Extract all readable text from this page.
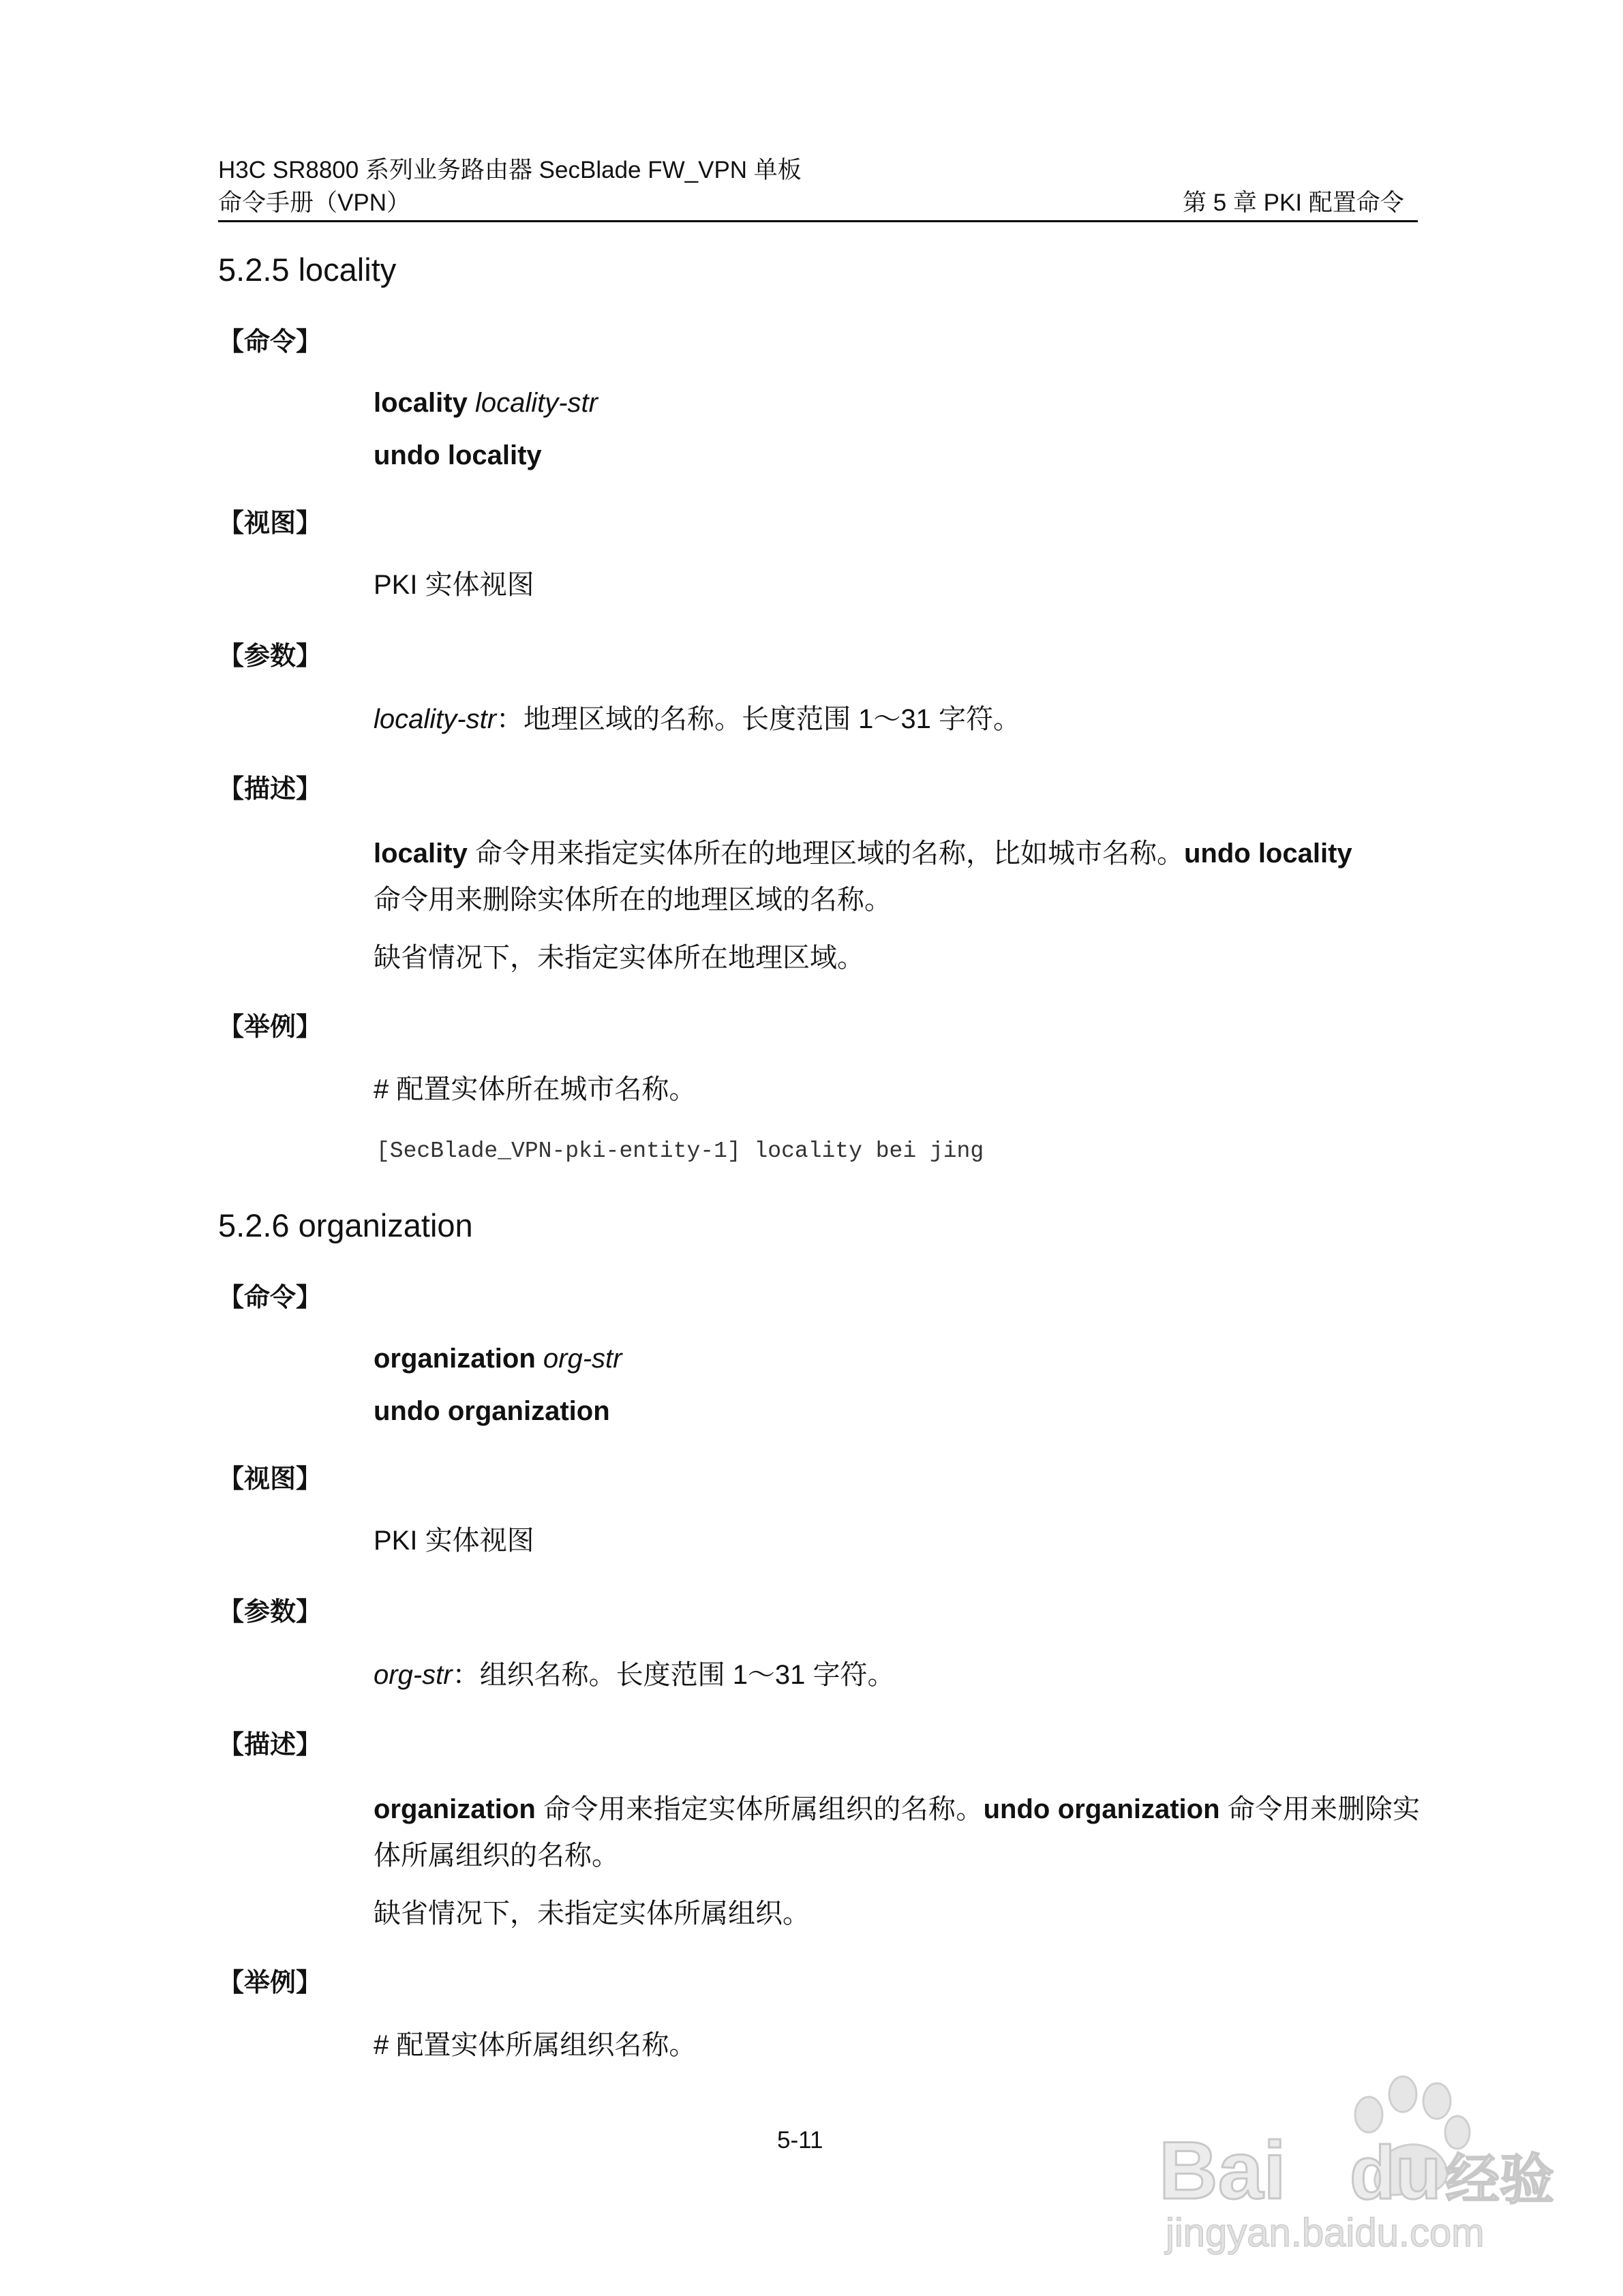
H3C SR8800 系列业务路由器 SecBlade FW_VPN 单板
命令手册（VPN）	第 5 章 PKI 配置命令
5.2.5 locality
【命令】
locality locality-str
undo locality
【视图】
PKI 实体视图
【参数】
locality-str：地理区域的名称。长度范围 1～31 字符。
【描述】
locality 命令用来指定实体所在的地理区域的名称，比如城市名称。undo locality
命令用来删除实体所在的地理区域的名称。
缺省情况下，未指定实体所在地理区域。
【举例】
# 配置实体所在城市名称。
[SecBlade_VPN-pki-entity-1] locality bei jing
5.2.6 organization
【命令】
organization org-str
undo organization
【视图】
PKI 实体视图
【参数】
org-str：组织名称。长度范围 1～31 字符。
【描述】
organization 命令用来指定实体所属组织的名称。undo organization 命令用来删除实体所属组织的名称。
缺省情况下，未指定实体所属组织。
【举例】
# 配置实体所属组织名称。
5-11	Bai du 经验
jingyan.baidu.com
